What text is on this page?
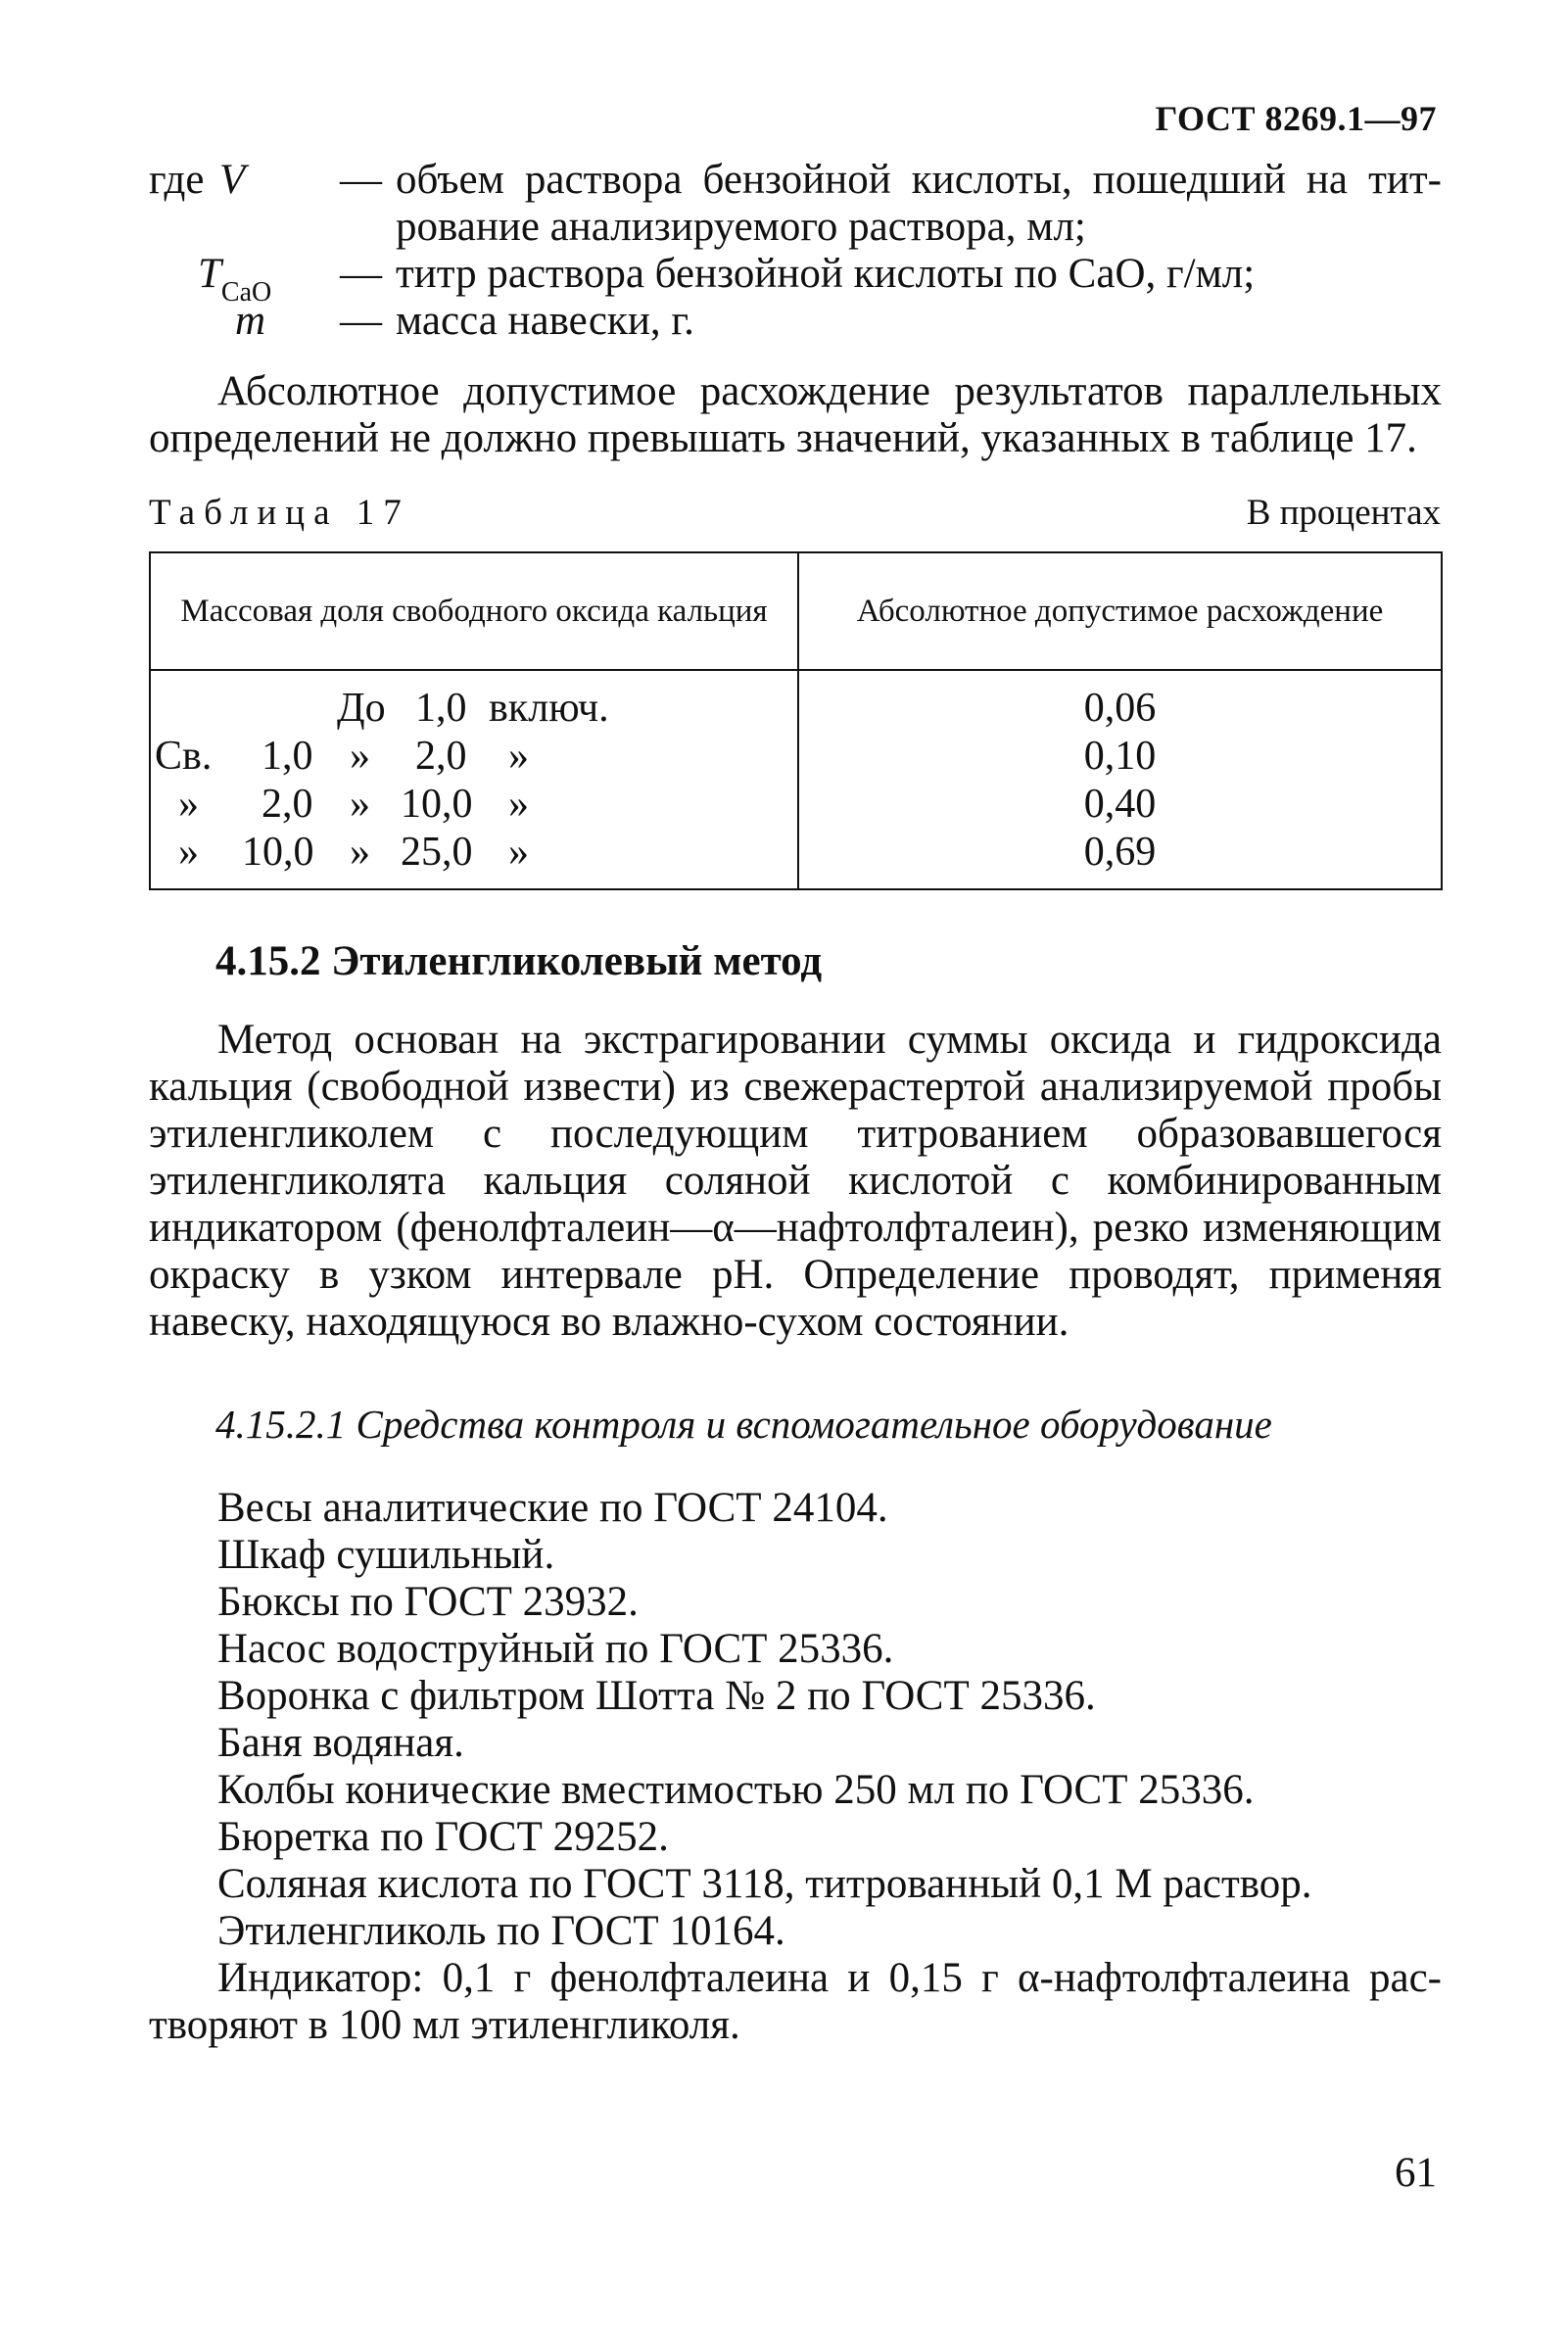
ГОСТ 8269.1—97
где V — объем раствора бензойной кислоты, пошедший на тит-
рование анализируемого раствора, мл;
$T_{CaO}$ — титр раствора бензойной кислоты по CaO, г/мл;
m — масса навески, г.

Абсолютное допустимое расхождение результатов параллельных определений не должно превышать значений, указанных в таблице 17.

Таблица 17	В процентах
Массовая доля свободного оксида кальция	Абсолютное допустимое расхождение

До 1,0 включ.	0,06

Св. 1,0 » 2,0 »	0,10

» 2,0 » 10,0 »	0,40

» 10,0 » 25,0 »	0,69
4.15.2 Этиленгликолевый метод

Метод основан на экстрагировании суммы оксида и гидроксида кальция (свободной извести) из свежерастертой анализируемой пробы этиленгликолем с последующим титрованием образовавшегося этиленгликолята кальция соляной кислотой с комбинированным индикатором (фенолфталеин—α—нафтолфталеин), резко изменяющим окраску в узком интервале pH. Определение проводят, применяя навеску, находящуюся во влажно-сухом состоянии.

4.15.2.1 Средства контроля и вспомогательное оборудование
Весы аналитические по ГОСТ 24104.
Шкаф сушильный.
Бюксы по ГОСТ 23932.
Насос водоструйный по ГОСТ 25336.
Воронка с фильтром Шотта № 2 по ГОСТ 25336.
Баня водяная.
Колбы конические вместимостью 250 мл по ГОСТ 25336.
Бюретка по ГОСТ 29252.
Соляная кислота по ГОСТ 3118, титрованный 0,1 М раствор.
Этиленгликоль по ГОСТ 10164.
Индикатор: 0,1 г фенолфталеина и 0,15 г α-нафтолфталеина рас-
творяют в 100 мл этиленгликоля.
61
